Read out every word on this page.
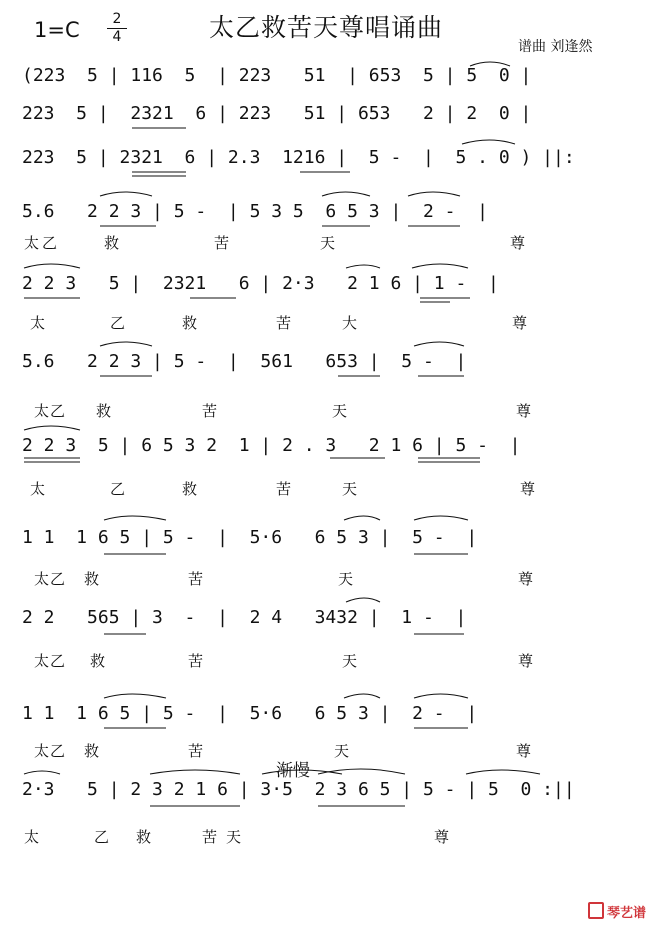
太乙救苦天尊唱诵曲
1=C	2
4
谱曲 刘逢然
渐慢
(223  5 | 116  5  | 223   51  | 653  5 | 5  0 |
223  5 |  2321  6 | 223   51 | 653   2 | 2  0 |
223  5 | 2321  6 | 2.3  1216 |  5 -  |  5 . 0 ) ||:
5.6   2 2 3 | 5 -  | 5 3 5  6 5 3 |  2 -  |
太 乙	救	苦	天	尊
2 2 3   5 |  2321   6 | 2·3   2 1 6 | 1 -  |
太	乙	救	苦	大	尊
5.6   2 2 3 | 5 -  |  561   653 |  5 -  |
太 乙 救	苦	天	尊
2 2 3  5 | 6 5 3 2  1 | 2 . 3   2 1 6 | 5 -  |
太	乙	救	苦	天	尊
1 1  1 6 5 | 5 -  |  5·6   6 5 3 |  5 -  |
太 乙 救	苦	天	尊
2 2   565 | 3  -  |  2 4   3432 |  1 -  |
太 乙 救	苦	天	尊
1 1  1 6 5 | 5 -  |  5·6   6 5 3 |  2 -  |
太 乙 救	苦	天	尊
2·3   5 | 2 3 2 1 6 | 3·5  2 3 6 5 | 5 - | 5  0 :||
太	乙 救	苦 天	尊
琴艺谱
